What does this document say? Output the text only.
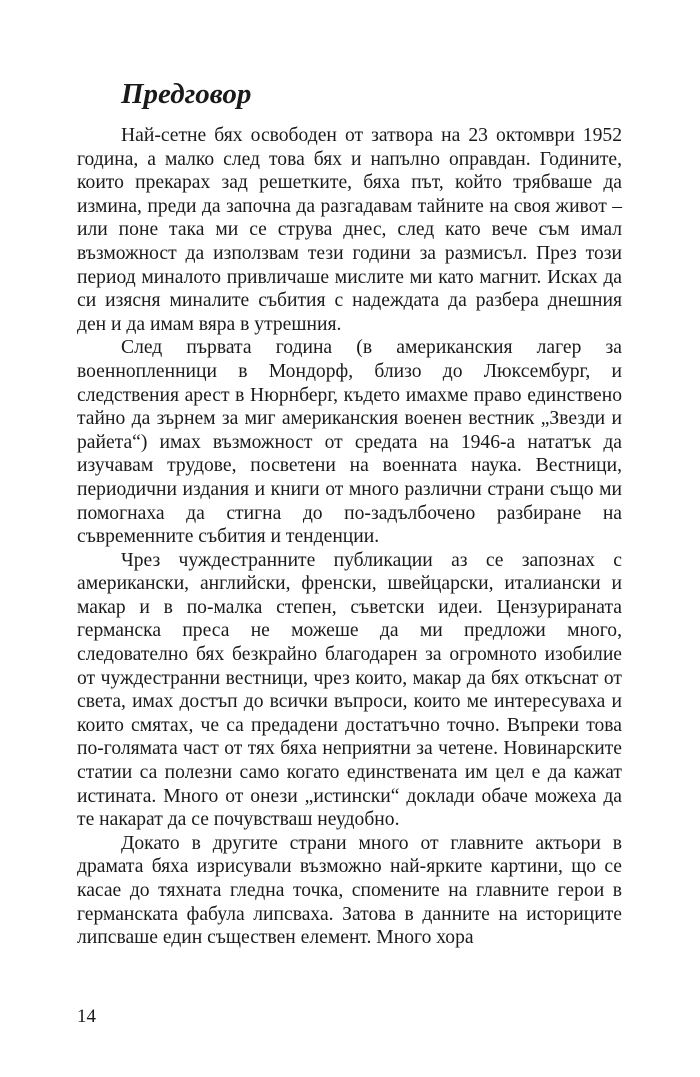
Предговор

Най-сетне бях освободен от затвора на 23 октомври 1952 година, а малко след това бях и напълно оправдан. Годините, които прекарах зад решетките, бяха път, който трябваше да измина, преди да започна да разгадавам тайните на своя живот – или поне така ми се струва днес, след като вече съм имал възможност да използвам тези години за размисъл. През този период миналото привличаше мислите ми като магнит. Исках да си изясня миналите събития с надеждата да разбера днешния ден и да имам вяра в утрешния.

След първата година (в американския лагер за военнопленници в Мондорф, близо до Люксембург, и следствения арест в Нюрнберг, където имахме право единствено тайно да зърнем за миг американския военен вестник „Звезди и райета“) имах възможност от средата на 1946-а нататък да изучавам трудове, посветени на военната наука. Вестници, периодични издания и книги от много различни страни също ми помогнаха да стигна до по-задълбочено разбиране на съвременните събития и тенденции.

Чрез чуждестранните публикации аз се запознах с американски, английски, френски, швейцарски, италиански и макар и в по-малка степен, съветски идеи. Цензурираната германска преса не можеше да ми предложи много, следователно бях безкрайно благодарен за огромното изобилие от чуждестранни вестници, чрез които, макар да бях откъснат от света, имах достъп до всички въпроси, които ме интересуваха и които смятах, че са предадени достатъчно точно. Въпреки това по-голямата част от тях бяха неприятни за четене. Новинарските статии са полезни само когато единствената им цел е да кажат истината. Много от онези „истински“ доклади обаче можеха да те накарат да се почувстваш неудобно.

Докато в другите страни много от главните актьори в драмата бяха изрисували възможно най-ярките картини, що се касае до тяхната гледна точка, спомените на главните герои в германската фабула липсваха. Затова в данните на историците липсваше един съществен елемент. Много хора

14
